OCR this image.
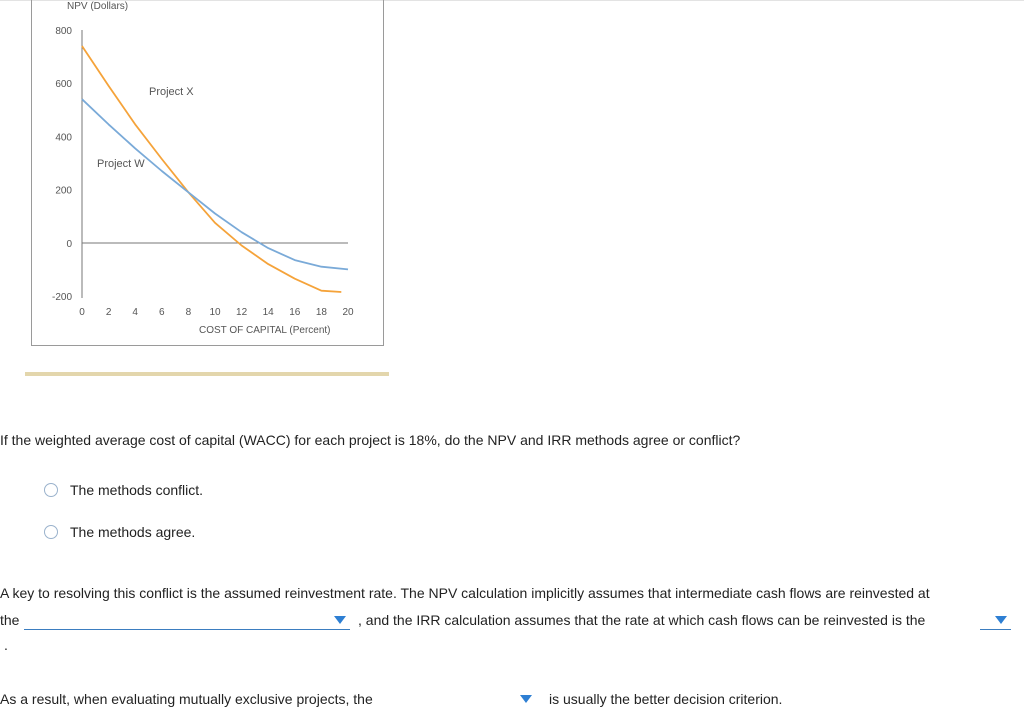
800
600
400
200
0
-200
0 2 4 6 8 10 12 14 16 18 20
NPV (Dollars)
COST OF CAPITAL (Percent)
Project X
Project W
If the weighted average cost of capital (WACC) for each project is 18%, do the NPV and IRR methods agree or conflict?
The methods conflict.
The methods agree.
A key to resolving this conflict is the assumed reinvestment rate. The NPV calculation implicitly assumes that intermediate cash flows are reinvested at
the	, and the IRR calculation assumes that the rate at which cash flows can be reinvested is the
.
As a result, when evaluating mutually exclusive projects, the	is usually the better decision criterion.
